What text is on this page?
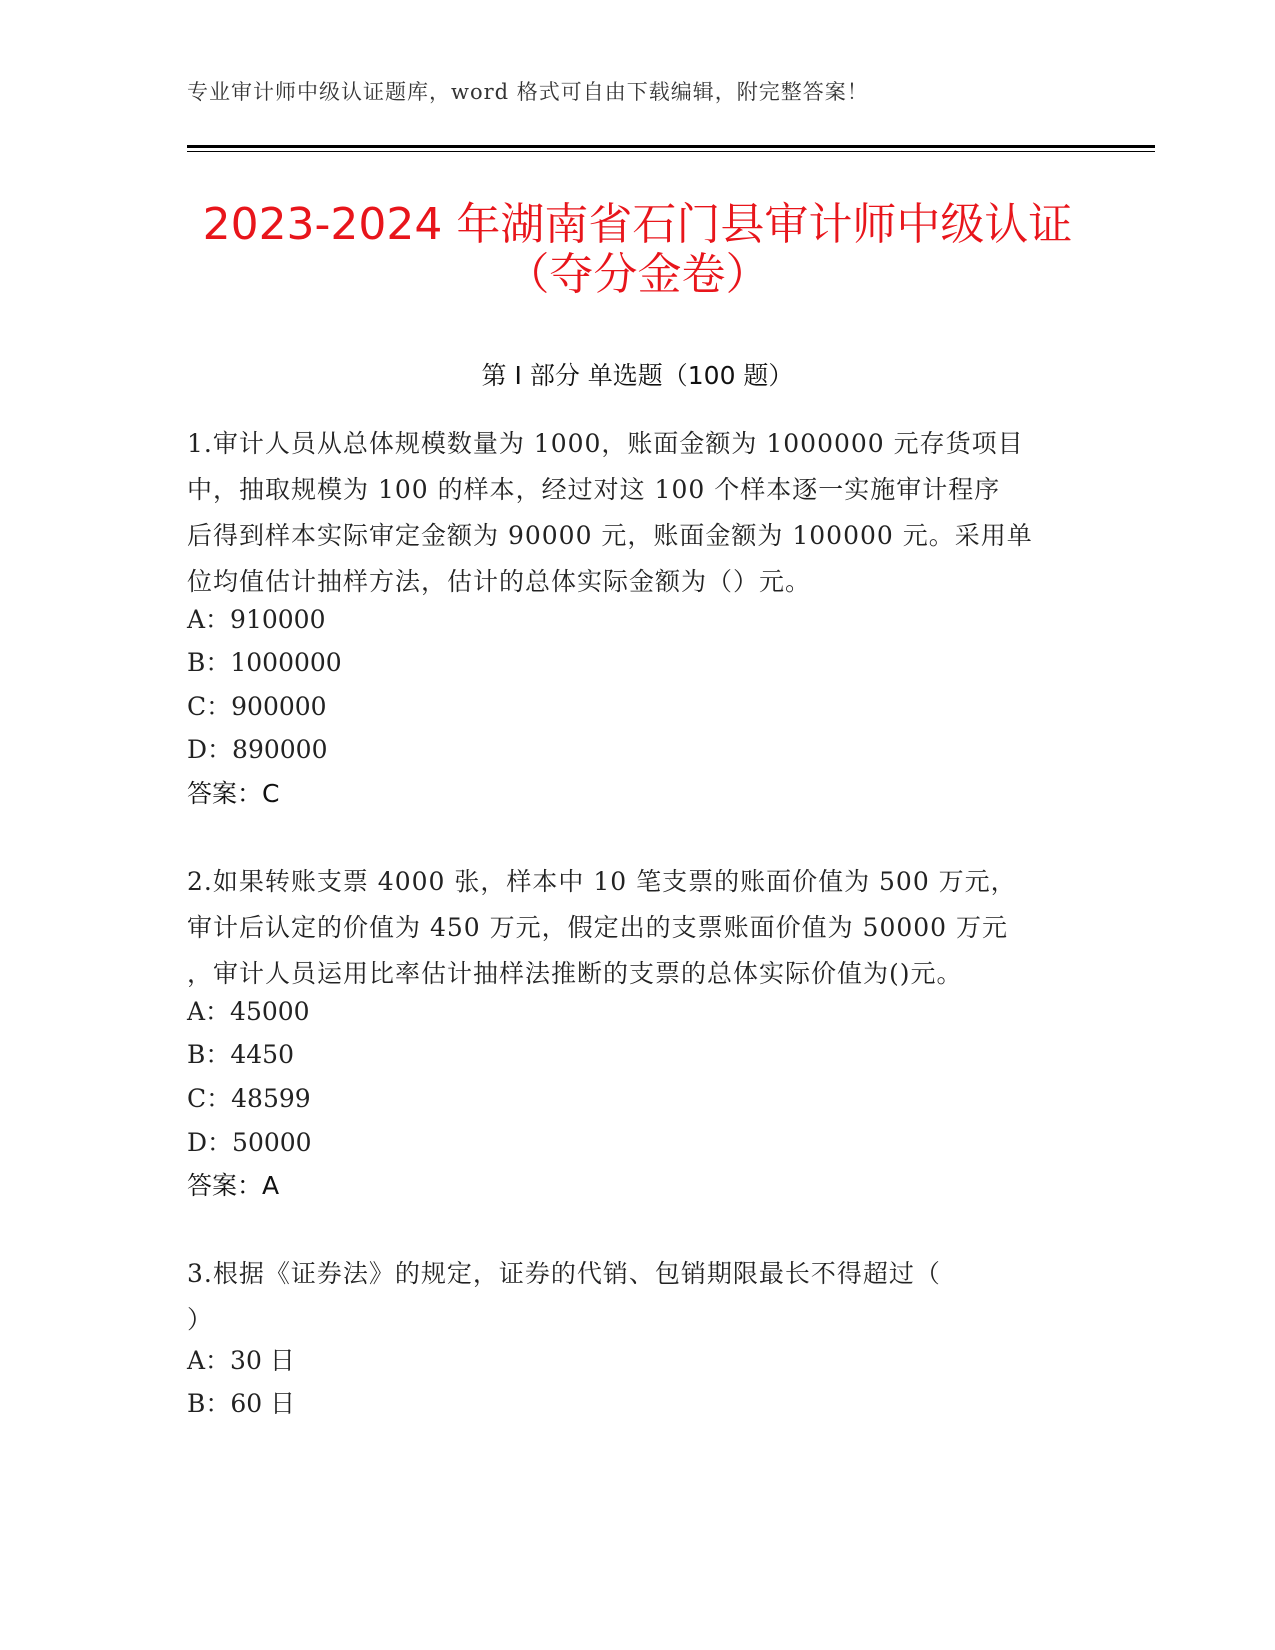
专业审计师中级认证题库，word 格式可自由下载编辑，附完整答案！
2023-2024 年湖南省石门县审计师中级认证
（夺分金卷）
第 I 部分 单选题（100 题）
1.审计人员从总体规模数量为 1000，账面金额为 1000000 元存货项目
中，抽取规模为 100 的样本，经过对这 100 个样本逐一实施审计程序
后得到样本实际审定金额为 90000 元，账面金额为 100000 元。采用单
位均值估计抽样方法，估计的总体实际金额为（）元。
A：910000
B：1000000
C：900000
D：890000
答案：C
2.如果转账支票 4000 张，样本中 10 笔支票的账面价值为 500 万元，
审计后认定的价值为 450 万元，假定出的支票账面价值为 50000 万元
，审计人员运用比率估计抽样法推断的支票的总体实际价值为()元。
A：45000
B：4450
C：48599
D：50000
答案：A
3.根据《证券法》的规定，证券的代销、包销期限最长不得超过（
）
A：30 日
B：60 日
